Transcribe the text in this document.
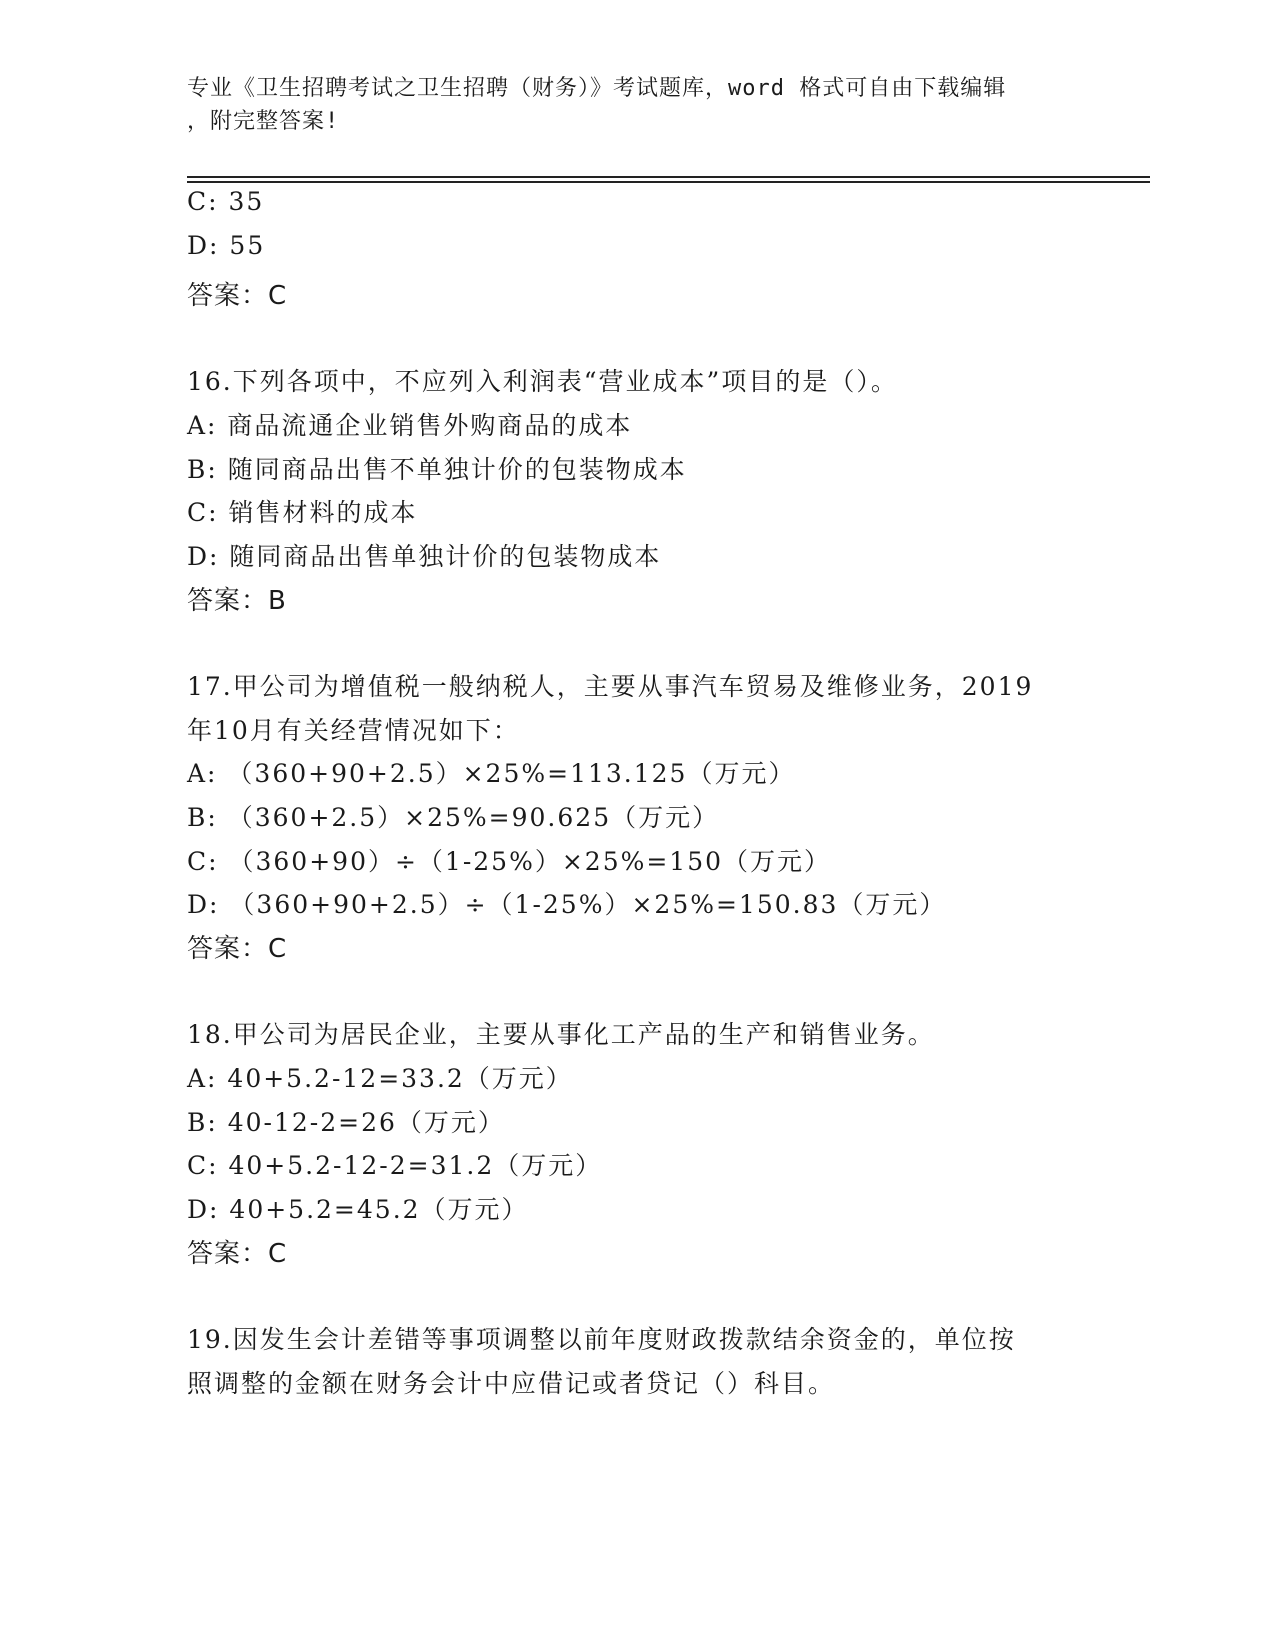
专业《卫生招聘考试之卫生招聘（财务）》考试题库，word 格式可自由下载编辑
，附完整答案!
C: 35
D: 55
答案：C
16.下列各项中，不应列入利润表“营业成本”项目的是（）。
A: 商品流通企业销售外购商品的成本
B: 随同商品出售不单独计价的包装物成本
C: 销售材料的成本
D: 随同商品出售单独计价的包装物成本
答案：B
17.甲公司为增值税一般纳税人，主要从事汽车贸易及维修业务，2019
年10月有关经营情况如下：
A: （360+90+2.5）×25%=113.125（万元）
B: （360+2.5）×25%=90.625（万元）
C: （360+90）÷（1-25%）×25%=150（万元）
D: （360+90+2.5）÷（1-25%）×25%=150.83（万元）
答案：C
18.甲公司为居民企业，主要从事化工产品的生产和销售业务。
A: 40+5.2-12=33.2（万元）
B: 40-12-2=26（万元）
C: 40+5.2-12-2=31.2（万元）
D: 40+5.2=45.2（万元）
答案：C
19.因发生会计差错等事项调整以前年度财政拨款结余资金的，单位按
照调整的金额在财务会计中应借记或者贷记（）科目。
